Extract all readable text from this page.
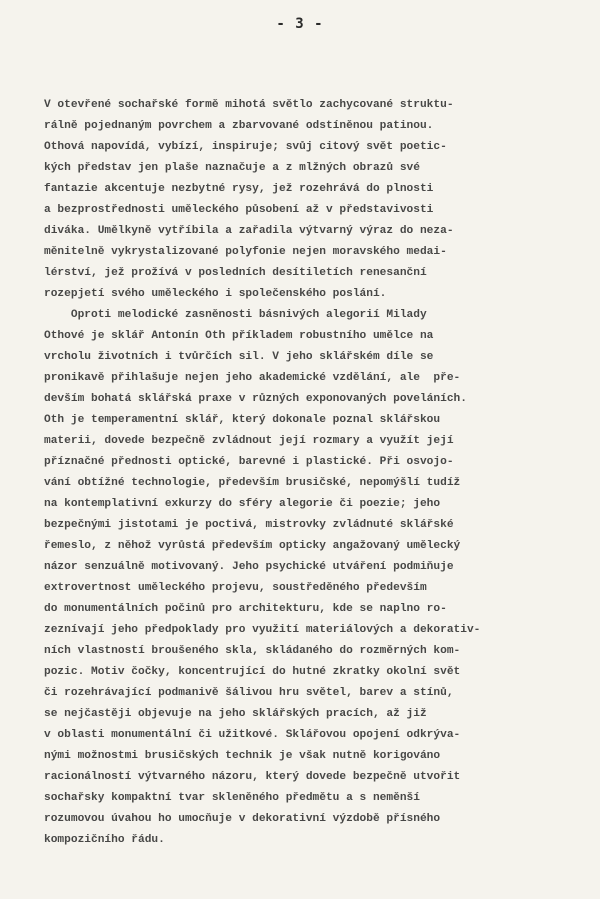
- 3 -
V otevřené sochařské formě mihotá světlo zachycované struktu-
rálně pojednaným povrchem a zbarvované odstíněnou patinou.
Othová napovídá, vybízí, inspiruje; svůj citový svět poetic-
kých představ jen plaše naznačuje a z mlžných obrazů své
fantazie akcentuje nezbytné rysy, jež rozehrává do plnosti
a bezprostřednosti uměleckého působení až v představivosti
diváka. Umělkyně vytříbila a zařadila výtvarný výraz do neza-
měnitelně vykrystalizované polyfonie nejen moravského medai-
lérství, jež prožívá v posledních desítiletích renesanční
rozepjetí svého uměleckého i společenského poslání.
Oproti melodické zasněnosti básnivých alegorií Milady
Othové je sklář Antonín Oth příkladem robustního umělce na
vrcholu životních i tvůrčích sil. V jeho sklářském díle se
pronikavě přihlašuje nejen jeho akademické vzdělání, ale  pře-
devším bohatá sklářská praxe v různých exponovaných poveláních.
Oth je temperamentní sklář, který dokonale poznal sklářskou
materii, dovede bezpečně zvládnout její rozmary a využít její
příznačné přednosti optické, barevné i plastické. Při osvojo-
vání obtížné technologie, především brusičské, nepomýšlí tudíž
na kontemplativní exkurzy do sféry alegorie či poezie; jeho
bezpečnými jistotami je poctivá, mistrovky zvládnuté sklářské
řemeslo, z něhož vyrůstá především opticky angažovaný umělecký
názor senzuálně motivovaný. Jeho psychické utváření podmiňuje
extrovertnost uměleckého projevu, soustředěného především
do monumentálních počinů pro architekturu, kde se naplno ro-
zeznívají jeho předpoklady pro využití materiálových a dekorativ-
ních vlastností broušeného skla, skládaného do rozměrných kom-
pozic. Motiv čočky, koncentrující do hutné zkratky okolní svět
či rozehrávající podmanivě šálivou hru světel, barev a stínů,
se nejčastěji objevuje na jeho sklářských pracích, až již
v oblasti monumentální či užitkové. Sklářovou opojení odkrýva-
nými možnostmi brusičských technik je však nutně korigováno
racionálností výtvarného názoru, který dovede bezpečně utvořit
sochařsky kompaktní tvar skleněného předmětu a s neměnší
rozumovou úvahou ho umocňuje v dekorativní výzdobě přísného
kompozičního řádu.
